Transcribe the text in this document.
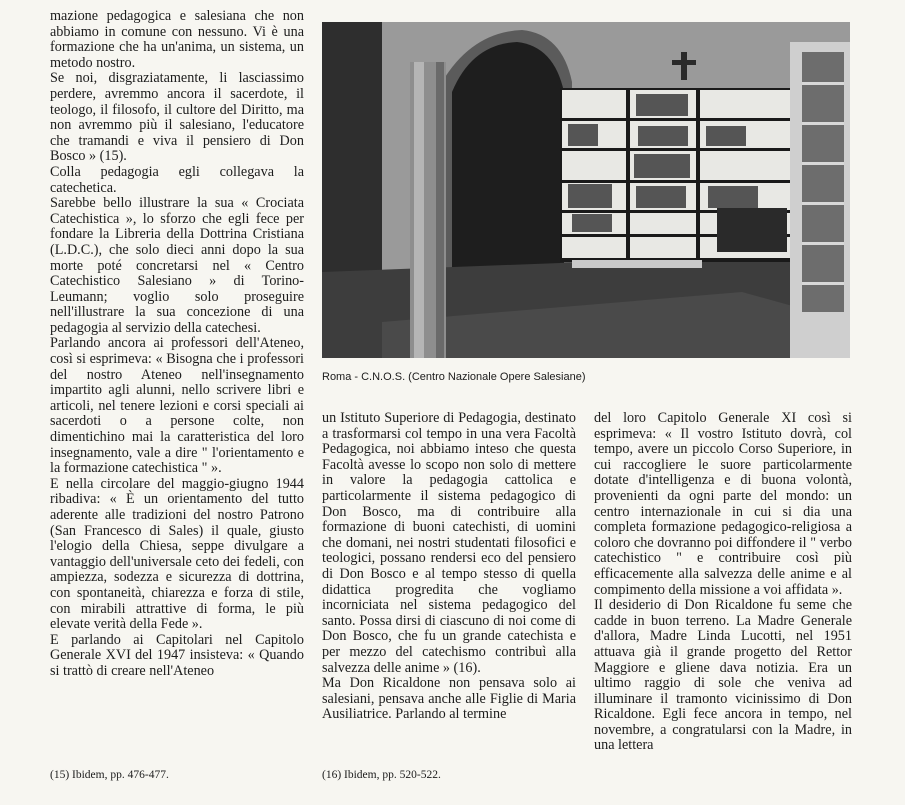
mazione pedagogica e salesiana che non abbiamo in comune con nessuno. Vi è una formazione che ha un'anima, un sistema, un metodo nostro.

Se noi, disgraziatamente, li lasciassimo perdere, avremmo ancora il sacerdote, il teologo, il filosofo, il cultore del Diritto, ma non avremmo più il salesiano, l'educatore che tramandi e viva il pensiero di Don Bosco » (15).

Colla pedagogia egli collegava la catechetica.

Sarebbe bello illustrare la sua « Crociata Catechistica », lo sforzo che egli fece per fondare la Libreria della Dottrina Cristiana (L.D.C.), che solo dieci anni dopo la sua morte poté concretarsi nel « Centro Catechistico Salesiano » di Torino-Leumann; voglio solo proseguire nell'illustrare la sua concezione di una pedagogia al servizio della catechesi.

Parlando ancora ai professori dell'Ateneo, così si esprimeva: « Bisogna che i professori del nostro Ateneo nell'insegnamento impartito agli alunni, nello scrivere libri e articoli, nel tenere lezioni e corsi speciali ai sacerdoti o a persone colte, non dimentichino mai la caratteristica del loro insegnamento, vale a dire " l'orientamento e la formazione catechistica " ».

E nella circolare del maggio-giugno 1944 ribadiva: « È un orientamento del tutto aderente alle tradizioni del nostro Patrono (San Francesco di Sales) il quale, giusto l'elogio della Chiesa, seppe divulgare a vantaggio dell'universale ceto dei fedeli, con ampiezza, sodezza e sicurezza di dottrina, con spontaneità, chiarezza e forza di stile, con mirabili attrattive di forma, le più elevate verità della Fede ».

E parlando ai Capitolari nel Capitolo Generale XVI del 1947 insisteva: « Quando si trattò di creare nell'Ateneo

Roma - C.N.O.S. (Centro Nazionale Opere Salesiane)

un Istituto Superiore di Pedagogia, destinato a trasformarsi col tempo in una vera Facoltà Pedagogica, noi abbiamo inteso che questa Facoltà avesse lo scopo non solo di mettere in valore la pedagogia cattolica e particolarmente il sistema pedagogico di Don Bosco, ma di contribuire alla formazione di buoni catechisti, di uomini che domani, nei nostri studentati filosofici e teologici, possano rendersi eco del pensiero di Don Bosco e al tempo stesso di quella didattica progredita che vogliamo incorniciata nel sistema pedagogico del santo. Possa dirsi di ciascuno di noi come di Don Bosco, che fu un grande catechista e per mezzo del catechismo contribuì alla salvezza delle anime » (16).

Ma Don Ricaldone non pensava solo ai salesiani, pensava anche alle Figlie di Maria Ausiliatrice. Parlando al termine

del loro Capitolo Generale XI così si esprimeva: « Il vostro Istituto dovrà, col tempo, avere un piccolo Corso Superiore, in cui raccogliere le suore particolarmente dotate d'intelligenza e di buona volontà, provenienti da ogni parte del mondo: un centro internazionale in cui si dia una completa formazione pedagogico-religiosa a coloro che dovranno poi diffondere il " verbo catechistico " e contribuire così più efficacemente alla salvezza delle anime e al compimento della missione a voi affidata ».

Il desiderio di Don Ricaldone fu seme che cadde in buon terreno. La Madre Generale d'allora, Madre Linda Lucotti, nel 1951 attuava già il grande progetto del Rettor Maggiore e gliene dava notizia. Era un ultimo raggio di sole che veniva ad illuminare il tramonto vicinissimo di Don Ricaldone. Egli fece ancora in tempo, nel novembre, a congratularsi con la Madre, in una lettera

(15) Ibidem, pp. 476-477.	(16) Ibidem, pp. 520-522.
